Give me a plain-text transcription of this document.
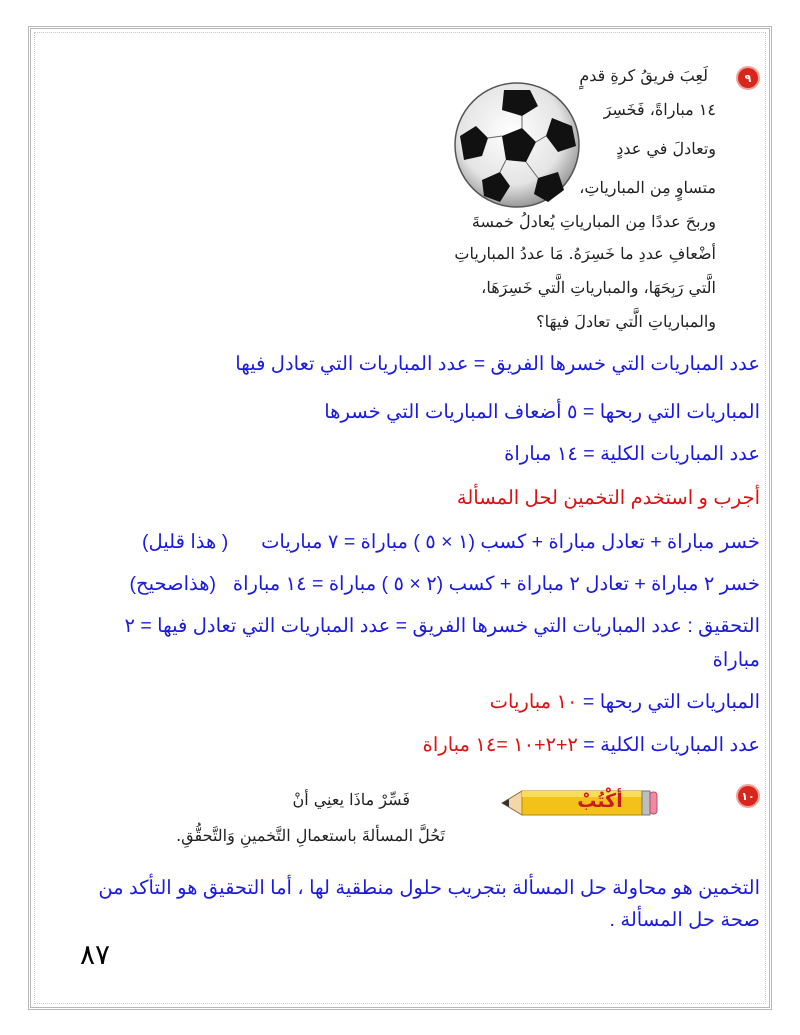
٩
لَعِبَ فريقُ كرةِ قدمٍ
١٤ مباراةً، فَخَسِرَ
وتعادلَ في عددٍ
متساوٍ مِن المبارياتِ،
وربحَ عددًا مِن المبارياتِ يُعادلُ خمسةَ
أضْعافِ عددِ ما خَسِرَهُ. مَا عددُ المبارياتِ
الَّتي رَبِحَهَا، والمبارياتِ الَّتي خَسِرَهَا،
والمبارياتِ الَّتي تعادلَ فيهَا؟
عدد المباريات التي خسرها الفريق = عدد المباريات التي تعادل فيها
المباريات التي ربحها = ٥ أضعاف المباريات التي خسرها
عدد المباريات الكلية = ١٤ مباراة
أجرب و استخدم التخمين لحل المسألة
خسر مباراة + تعادل مباراة + كسب (١ × ٥ ) مباراة = ٧ مباريات  ( هذا قليل)
خسر ٢ مباراة + تعادل ٢ مباراة + كسب (٢ × ٥ ) مباراة = ١٤ مباراة  (هذاصحيح)
التحقيق : عدد المباريات التي خسرها الفريق = عدد المباريات التي تعادل فيها = ٢
مباراة
المباريات التي ربحها = ١٠ مباريات
عدد المباريات الكلية = ٢+٢+١٠ =١٤ مباراة
١٠
أكْتُبْ
فَسِّرْ ماذَا يعنِي أنْ
تَحُلَّ المسألةَ باستعمالِ التَّخمينِ وَالتَّحقُّقِ.
التخمين هو محاولة حل المسألة بتجريب حلول منطقية لها ، أما التحقيق هو التأكد من
صحة حل المسألة .
٨٧
